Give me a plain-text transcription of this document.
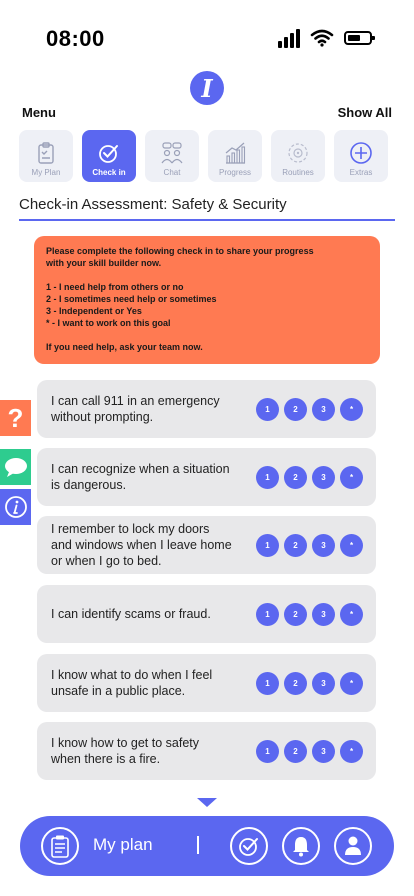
08:00
I
Menu	Show All
My Plan	Check in	Chat	Progress	Routines	Extras
Check-in Assessment: Safety & Security

Please complete the following check in to share your progress

with your skill builder now.

1 - I need help from others or no

2 - I sometimes need help or sometimes

3 - Independent or Yes

* - I want to work on this goal

If you need help, ask your team now.

?
I can call 911 in an emergency
without prompting.
1	2	3	*
I can recognize when a situation
is dangerous.
1	2	3	*
I remember to lock my doors
and windows when I leave home
or when I go to bed.
1	2	3	*
I can identify scams or fraud.	1	2	3	*
I know what to do when I feel
unsafe in a public place.
1	2	3	*
I know how to get to safety
when there is a fire.
1	2	3	*
My plan
